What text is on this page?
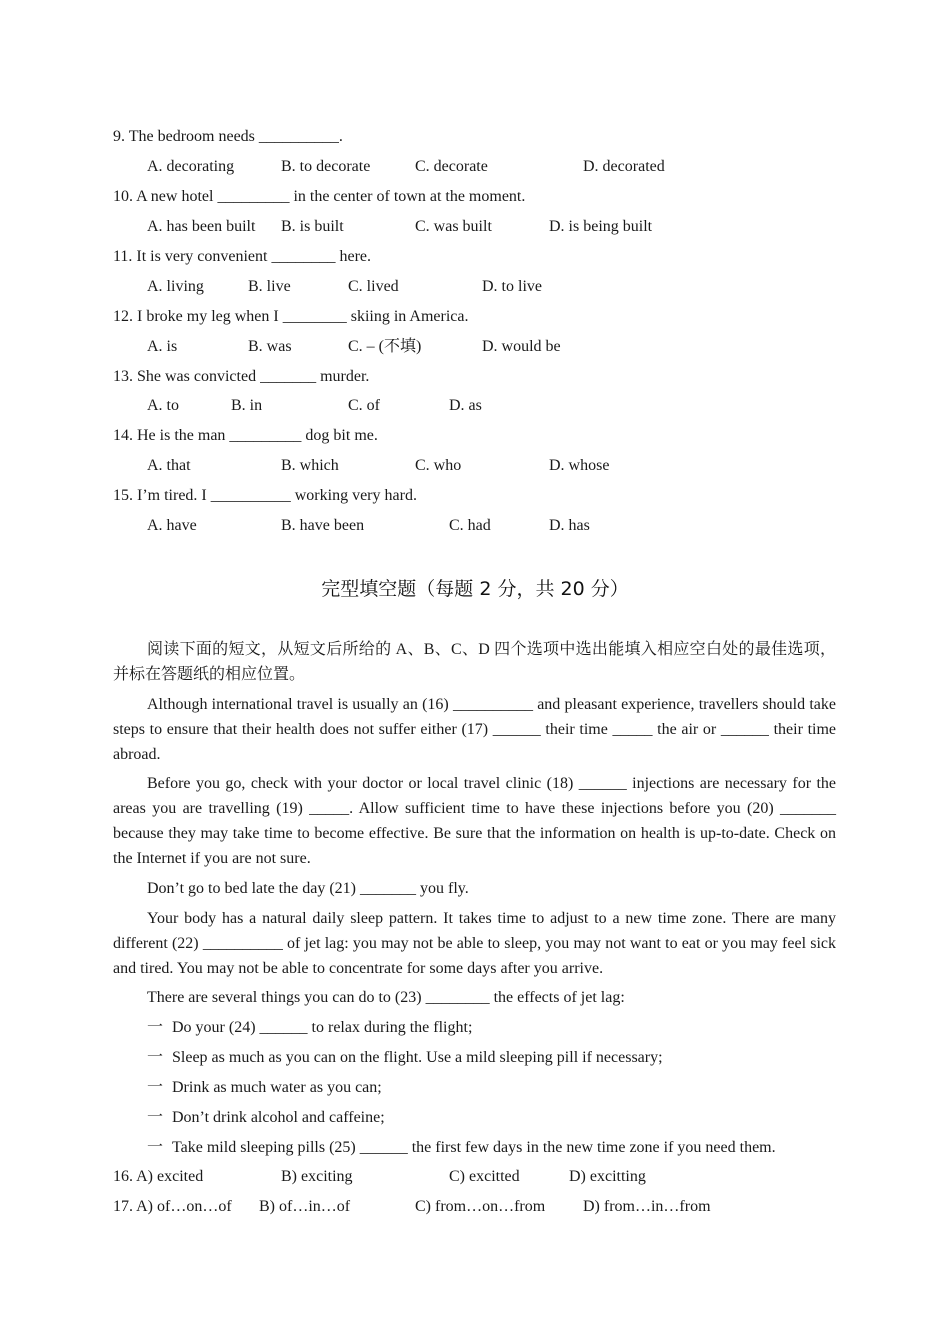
9. The bedroom needs __________.
A. decorating	B. to decorate	C. decorate	D. decorated
10. A new hotel _________ in the center of town at the moment.
A. has been built B. is built	C. was built	D. is being built
11. It is very convenient ________ here.
A. living	B. live	C. lived	D. to live
12. I broke my leg when I ________ skiing in America.
A. is	B. was	C. – (不填)	D. would be
13. She was convicted _______ murder.
A. to	B. in	C. of	D. as
14. He is the man _________ dog bit me.
A. that	B. which	C. who	D. whose
15. I’m tired. I __________ working very hard.
A. have	B. have been	C. had	D. has
完型填空题（每题 2 分，共 20 分）

阅读下面的短文，从短文后所给的 A、B、C、D 四个选项中选出能填入相应空白处的最佳选项，并标在答题纸的相应位置。

Although international travel is usually an (16) __________ and pleasant experience, travellers should take steps to ensure that their health does not suffer either (17) ______ their time _____ the air or ______ their time abroad.

Before you go, check with your doctor or local travel clinic (18) ______ injections are necessary for the areas you are travelling (19) _____. Allow sufficient time to have these injections before you (20) _______ because they may take time to become effective. Be sure that the information on health is up-to-date. Check on the Internet if you are not sure.

Don’t go to bed late the day (21) _______ you fly.

Your body has a natural daily sleep pattern. It takes time to adjust to a new time zone. There are many different (22) __________ of jet lag: you may not be able to sleep, you may not want to eat or you may feel sick and tired. You may not be able to concentrate for some days after you arrive.

There are several things you can do to (23) ________ the effects of jet lag:

一 Do your (24) ______ to relax during the flight;
一 Sleep as much as you can on the flight. Use a mild sleeping pill if necessary;
一 Drink as much water as you can;
一 Don’t drink alcohol and caffeine;
一 Take mild sleeping pills (25) ______ the first few days in the new time zone if you need them.
16. A) excited	B) exciting	C) excitted	D) excitting
17. A) of…on…of B) of…in…of	C) from…on…from D) from…in…from
